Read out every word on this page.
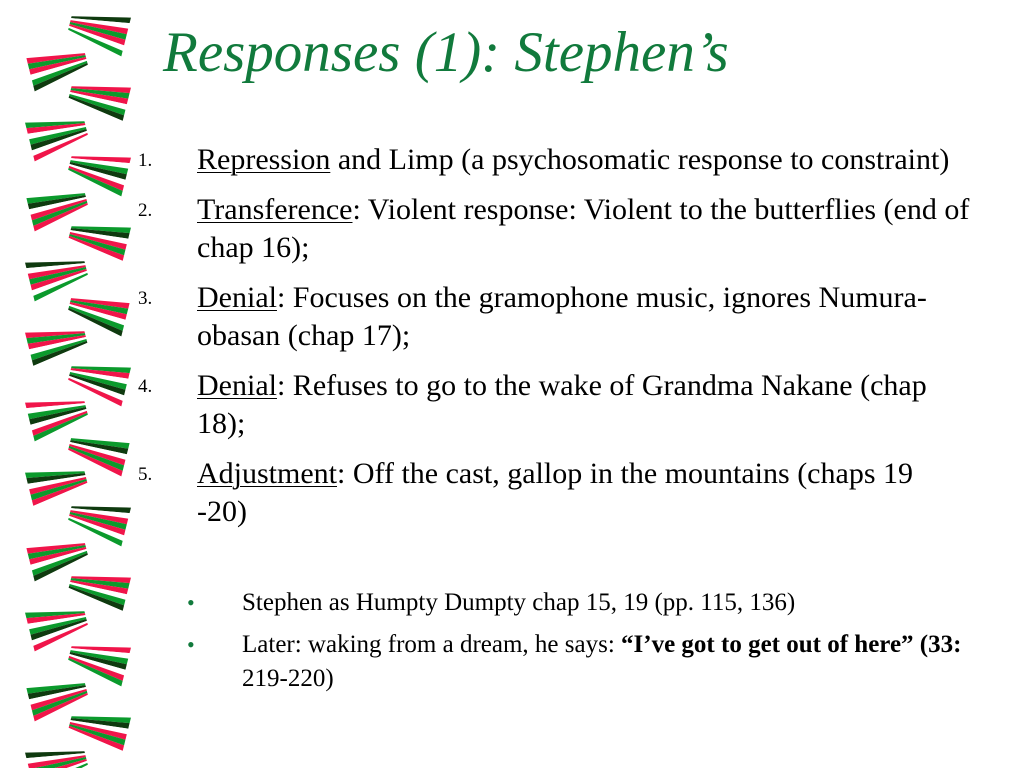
Responses (1): Stephen’s
1.	Repression and Limp (a psychosomatic response to constraint)
2.	Transference: Violent response: Violent to the butterflies (end of chap 16);
3.	Denial: Focuses on the gramophone music, ignores Numura-obasan (chap 17);
4.	Denial: Refuses to go to the wake of Grandma Nakane (chap 18);
5.	Adjustment: Off the cast, gallop in the mountains (chaps 19 -20)
• Stephen as Humpty Dumpty chap 15, 19 (pp. 115, 136)
• Later: waking from a dream, he says: “I’ve got to get out of here” (33: 219-220)
